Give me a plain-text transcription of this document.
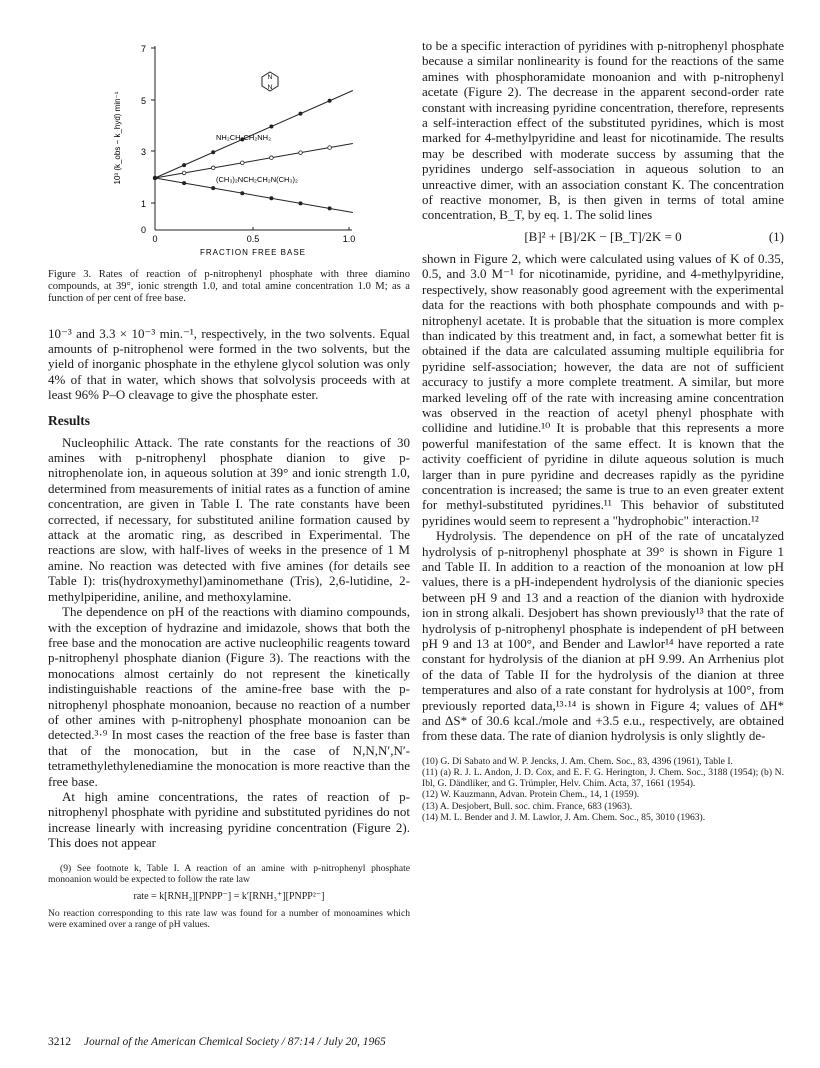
7
5
3
1
0
0	0.5	1.0
FRACTION FREE BASE
10³ (k_obs − k_hyd) min⁻¹
N
N
NH₂CH₂CH₂NH₂
(CH₃)₂NCH₂CH₂N(CH₃)₂

Figure 3. Rates of reaction of p-nitrophenyl phosphate with three diamino compounds, at 39°, ionic strength 1.0, and total amine concentration 1.0 M; as a function of per cent of free base.

10⁻³ and 3.3 × 10⁻³ min.⁻¹, respectively, in the two solvents. Equal amounts of p-nitrophenol were formed in the two solvents, but the yield of inorganic phosphate in the ethylene glycol solution was only 4% of that in water, which shows that solvolysis proceeds with at least 96% P–O cleavage to give the phosphate ester.

Results

Nucleophilic Attack. The rate constants for the reactions of 30 amines with p-nitrophenyl phosphate dianion to give p-nitrophenolate ion, in aqueous solution at 39° and ionic strength 1.0, determined from measurements of initial rates as a function of amine concentration, are given in Table I. The rate constants have been corrected, if necessary, for substituted aniline formation caused by attack at the aromatic ring, as described in Experimental. The reactions are slow, with half-lives of weeks in the presence of 1 M amine. No reaction was detected with five amines (for details see Table I): tris(hydroxymethyl)aminomethane (Tris), 2,6-lutidine, 2-methylpiperidine, aniline, and methoxylamine.

The dependence on pH of the reactions with diamino compounds, with the exception of hydrazine and imidazole, shows that both the free base and the monocation are active nucleophilic reagents toward p-nitrophenyl phosphate dianion (Figure 3). The reactions with the monocations almost certainly do not represent the kinetically indistinguishable reactions of the amine-free base with the p-nitrophenyl phosphate monoanion, because no reaction of a number of other amines with p-nitrophenyl phosphate monoanion can be detected.³·⁹ In most cases the reaction of the free base is faster than that of the monocation, but in the case of N,N,N′,N′-tetramethylethylenediamine the monocation is more reactive than the free base.

At high amine concentrations, the rates of reaction of p-nitrophenyl phosphate with pyridine and substituted pyridines do not increase linearly with increasing pyridine concentration (Figure 2). This does not appear

(9) See footnote k, Table I. A reaction of an amine with p-nitrophenyl phosphate monoanion would be expected to follow the rate law

rate = k[RNH₂][PNPP⁻] = k′[RNH₃⁺][PNPP²⁻]

No reaction corresponding to this rate law was found for a number of monoamines which were examined over a range of pH values.

to be a specific interaction of pyridines with p-nitrophenyl phosphate because a similar nonlinearity is found for the reactions of the same amines with phosphoramidate monoanion and with p-nitrophenyl acetate (Figure 2). The decrease in the apparent second-order rate constant with increasing pyridine concentration, therefore, represents a self-interaction effect of the substituted pyridines, which is most marked for 4-methylpyridine and least for nicotinamide. The results may be described with moderate success by assuming that the pyridines undergo self-association in aqueous solution to an unreactive dimer, with an association constant K. The concentration of reactive monomer, B, is then given in terms of total amine concentration, B_T, by eq. 1. The solid lines

[B]² + [B]/2K − [B_T]/2K = 0	(1)

shown in Figure 2, which were calculated using values of K of 0.35, 0.5, and 3.0 M⁻¹ for nicotinamide, pyridine, and 4-methylpyridine, respectively, show reasonably good agreement with the experimental data for the reactions with both phosphate compounds and with p-nitrophenyl acetate. It is probable that the situation is more complex than indicated by this treatment and, in fact, a somewhat better fit is obtained if the data are calculated assuming multiple equilibria for pyridine self-association; however, the data are not of sufficient accuracy to justify a more complete treatment. A similar, but more marked leveling off of the rate with increasing amine concentration was observed in the reaction of acetyl phenyl phosphate with collidine and lutidine.¹⁰ It is probable that this represents a more powerful manifestation of the same effect. It is known that the activity coefficient of pyridine in dilute aqueous solution is much larger than in pure pyridine and decreases rapidly as the pyridine concentration is increased; the same is true to an even greater extent for methyl-substituted pyridines.¹¹ This behavior of substituted pyridines would seem to represent a "hydrophobic" interaction.¹²

Hydrolysis. The dependence on pH of the rate of uncatalyzed hydrolysis of p-nitrophenyl phosphate at 39° is shown in Figure 1 and Table II. In addition to a reaction of the monoanion at low pH values, there is a pH-independent hydrolysis of the dianionic species between pH 9 and 13 and a reaction of the dianion with hydroxide ion in strong alkali. Desjobert has shown previously¹³ that the rate of hydrolysis of p-nitrophenyl phosphate is independent of pH between pH 9 and 13 at 100°, and Bender and Lawlor¹⁴ have reported a rate constant for hydrolysis of the dianion at pH 9.99. An Arrhenius plot of the data of Table II for the hydrolysis of the dianion at three temperatures and also of a rate constant for hydrolysis at 100°, from previously reported data,¹³·¹⁴ is shown in Figure 4; values of ΔH* and ΔS* of 30.6 kcal./mole and +3.5 e.u., respectively, are obtained from these data. The rate of dianion hydrolysis is only slightly de-

(10) G. Di Sabato and W. P. Jencks, J. Am. Chem. Soc., 83, 4396 (1961), Table I.

(11) (a) R. J. L. Andon, J. D. Cox, and E. F. G. Herington, J. Chem. Soc., 3188 (1954); (b) N. Ibl, G. Dändliker, and G. Trümpler, Helv. Chim. Acta, 37, 1661 (1954).

(12) W. Kauzmann, Advan. Protein Chem., 14, 1 (1959).

(13) A. Desjobert, Bull. soc. chim. France, 683 (1963).

(14) M. L. Bender and J. M. Lawlor, J. Am. Chem. Soc., 85, 3010 (1963).

3212 Journal of the American Chemical Society / 87:14 / July 20, 1965
